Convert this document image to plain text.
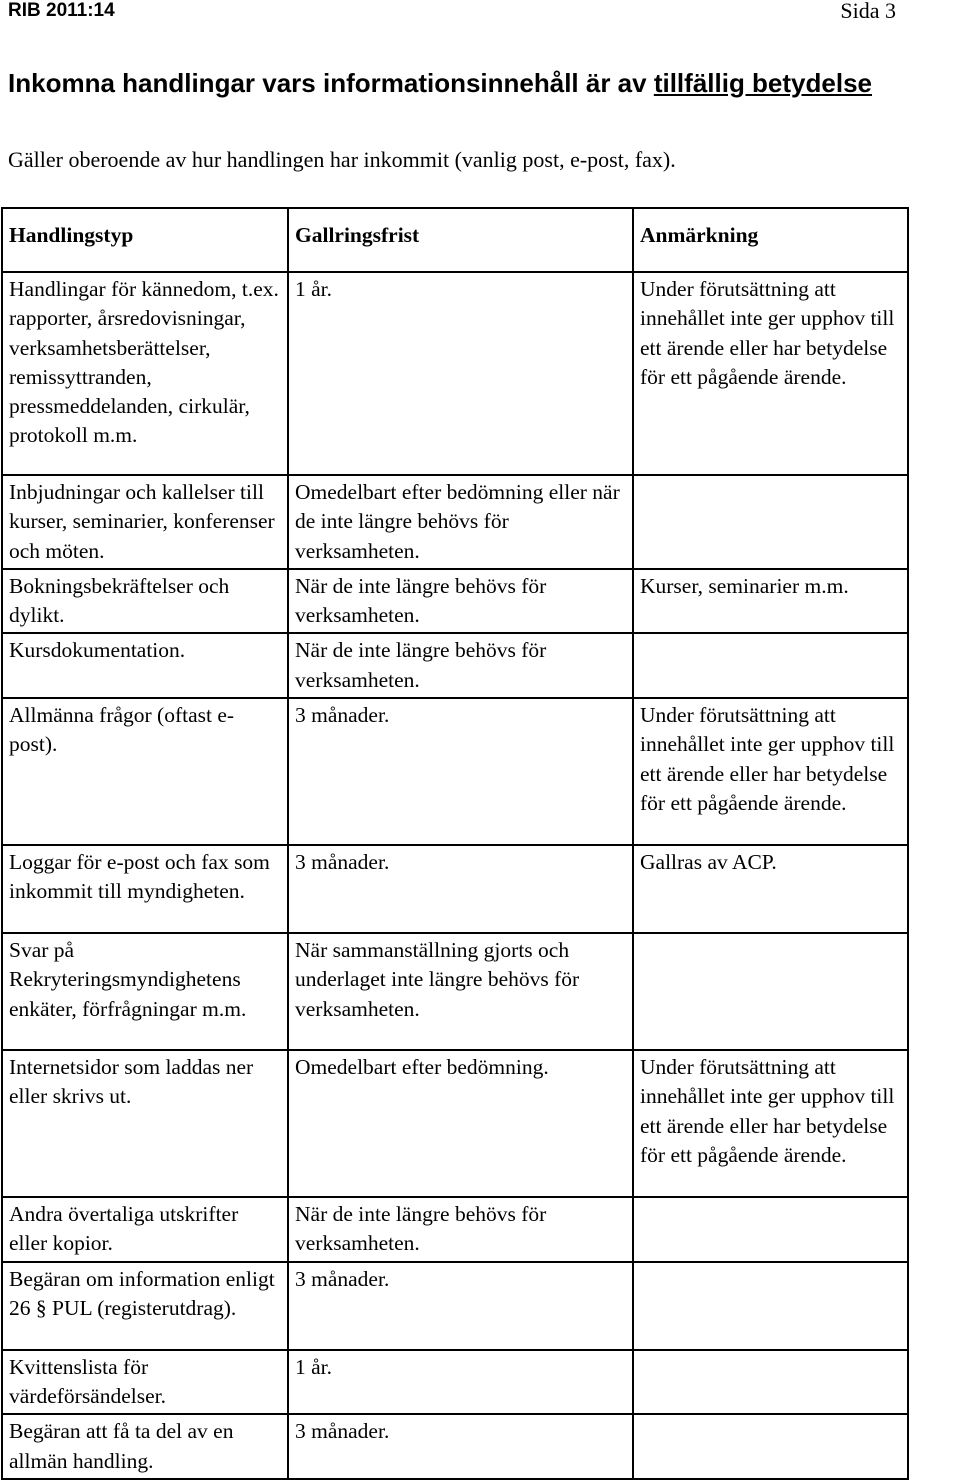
RIB 2011:14	Sida 3
Inkomna handlingar vars informationsinnehåll är av tillfällig betydelse
Gäller oberoende av hur handlingen har inkommit (vanlig post, e-post, fax).
Handlingstyp	Gallringsfrist	Anmärkning
Handlingar för kännedom, t.ex. rapporter, årsredovisningar, verksamhetsberättelser, remissyttranden, pressmeddelanden, cirkulär, protokoll m.m.	1 år.	Under förutsättning att innehållet inte ger upphov till ett ärende eller har betydelse för ett pågående ärende.
Inbjudningar och kallelser till kurser, seminarier, konferenser och möten.	Omedelbart efter bedömning eller när de inte längre behövs för verksamheten.	
Bokningsbekräftelser och dylikt.	När de inte längre behövs för verksamheten.	Kurser, seminarier m.m.
Kursdokumentation.	När de inte längre behövs för verksamheten.	
Allmänna frågor (oftast e-post).	3 månader.	Under förutsättning att innehållet inte ger upphov till ett ärende eller har betydelse för ett pågående ärende.
Loggar för e-post och fax som inkommit till myndigheten.	3 månader.	Gallras av ACP.
Svar på Rekryteringsmyndighetens enkäter, förfrågningar m.m.	När sammanställning gjorts och underlaget inte längre behövs för verksamheten.	
Internetsidor som laddas ner eller skrivs ut.	Omedelbart efter bedömning.	Under förutsättning att innehållet inte ger upphov till ett ärende eller har betydelse för ett pågående ärende.
Andra övertaliga utskrifter eller kopior.	När de inte längre behövs för verksamheten.	
Begäran om information enligt 26 § PUL (registerutdrag).	3 månader.	
Kvittenslista för värdeförsändelser.	1 år.	
Begäran att få ta del av en allmän handling.	3 månader.	
